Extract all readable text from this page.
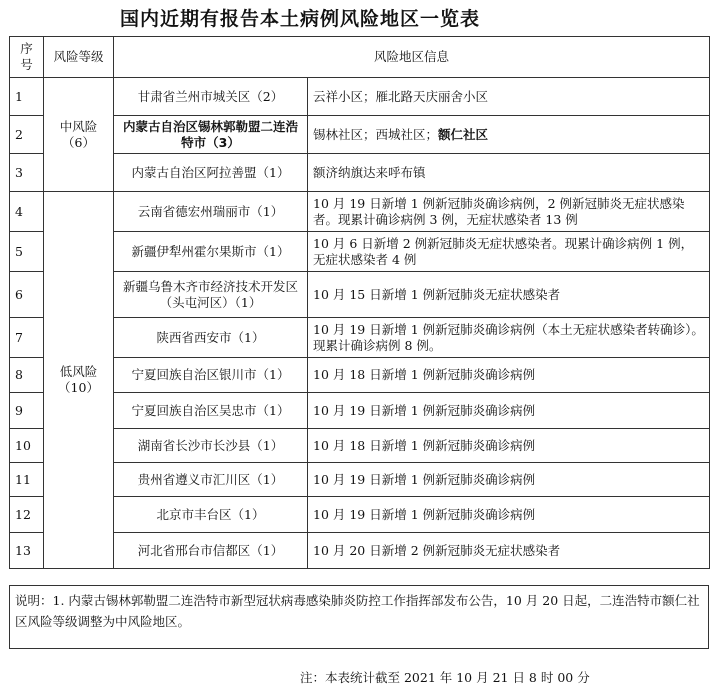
国内近期有报告本土病例风险地区一览表
序号	风险等级	风险地区信息	
1	中风险（6）	甘肃省兰州市城关区（2）	云祥小区；雁北路天庆丽舍小区
2		内蒙古自治区锡林郭勒盟二连浩特市（3）	锡林社区；西城社区；额仁社区
3		内蒙古自治区阿拉善盟（1）	额济纳旗达来呼布镇
4	低风险（10）	云南省德宏州瑞丽市（1）	10 月 19 日新增 1 例新冠肺炎确诊病例，2 例新冠肺炎无症状感染者。现累计确诊病例 3 例，无症状感染者 13 例
5		新疆伊犁州霍尔果斯市（1）	10 月 6 日新增 2 例新冠肺炎无症状感染者。现累计确诊病例 1 例，无症状感染者 4 例
6		新疆乌鲁木齐市经济技术开发区（头屯河区）（1）	10 月 15 日新增 1 例新冠肺炎无症状感染者
7		陕西省西安市（1）	10 月 19 日新增 1 例新冠肺炎确诊病例（本土无症状感染者转确诊）。现累计确诊病例 8 例。
8		宁夏回族自治区银川市（1）	10 月 18 日新增 1 例新冠肺炎确诊病例
9		宁夏回族自治区吴忠市（1）	10 月 19 日新增 1 例新冠肺炎确诊病例
10		湖南省长沙市长沙县（1）	10 月 18 日新增 1 例新冠肺炎确诊病例
11		贵州省遵义市汇川区（1）	10 月 19 日新增 1 例新冠肺炎确诊病例
12		北京市丰台区（1）	10 月 19 日新增 1 例新冠肺炎确诊病例
13		河北省邢台市信都区（1）	10 月 20 日新增 2 例新冠肺炎无症状感染者
说明：1. 内蒙古锡林郭勒盟二连浩特市新型冠状病毒感染肺炎防控工作指挥部发布公告，10 月 20 日起，二连浩特市额仁社区风险等级调整为中风险地区。
注：本表统计截至 2021 年 10 月 21 日 8 时 00 分
